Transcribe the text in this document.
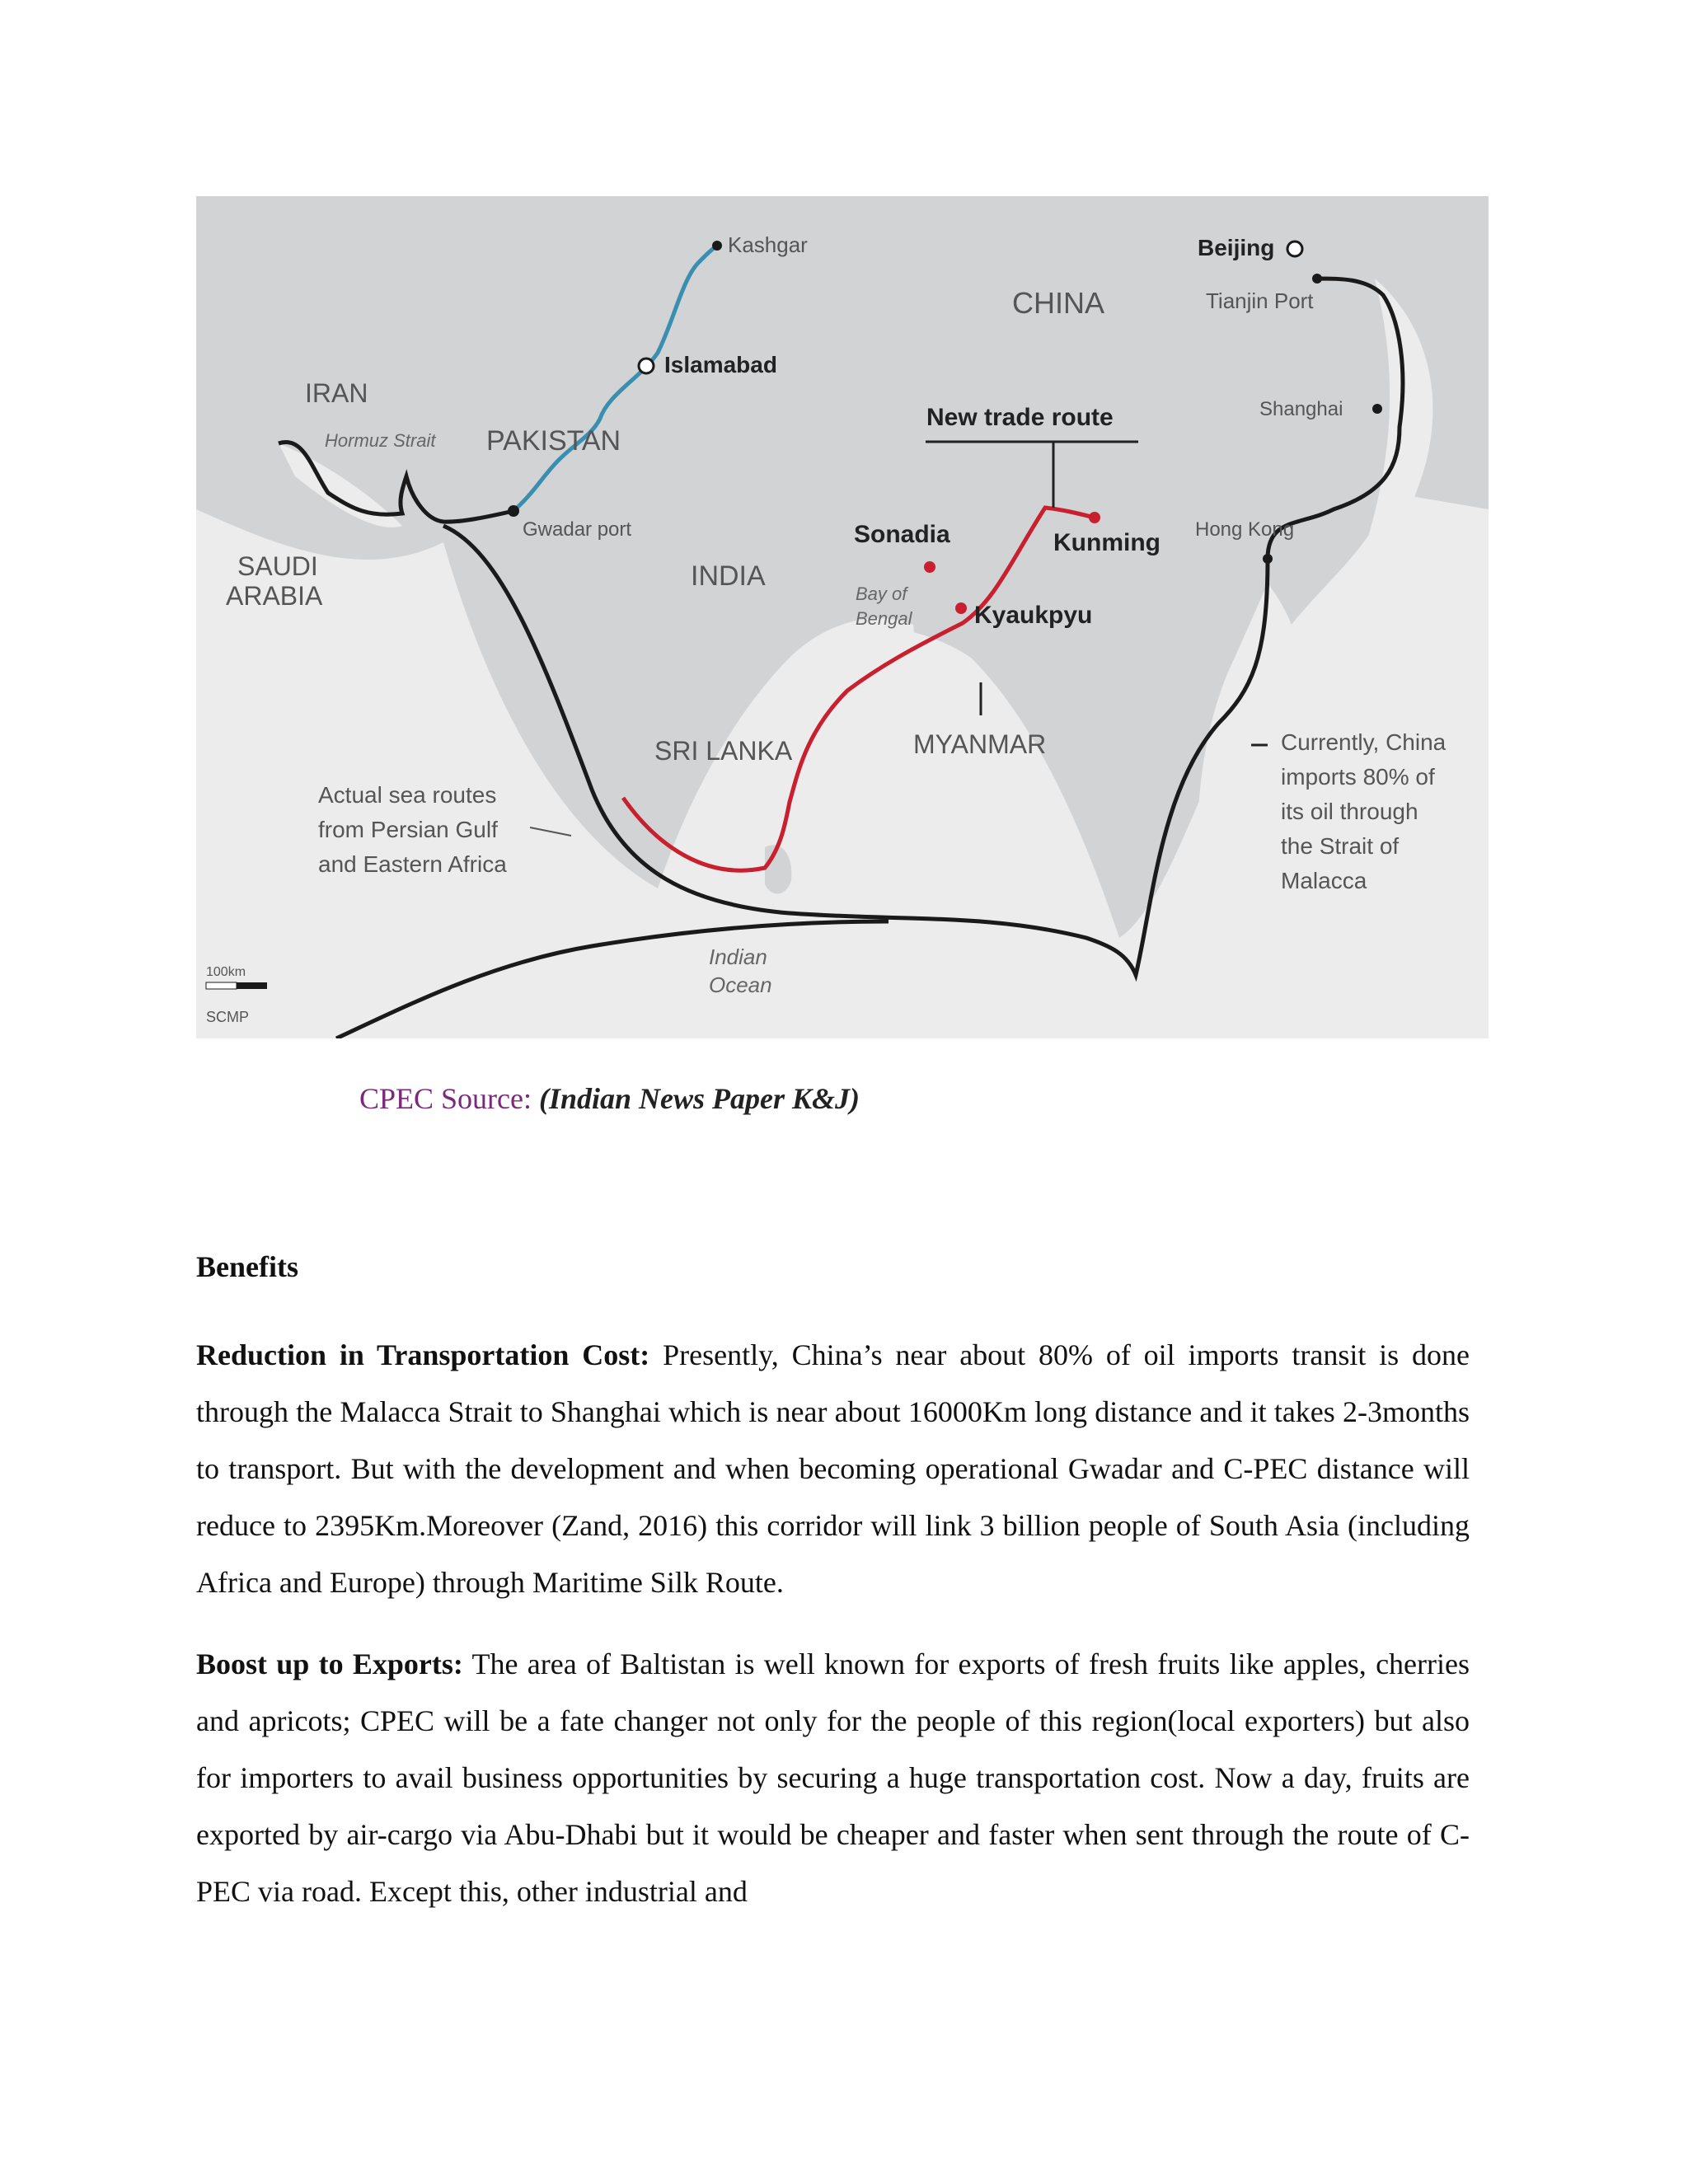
Kashgar
CHINA
Beijing
Tianjin Port
Islamabad
IRAN
Hormuz Strait PAKISTAN
New trade route	Shanghai
Gwadar port	Sonadia	Kunming Hong Kong
SAUDI
ARABIA
INDIA
Bay of
Bengal	Kyaukpyu
SRI LANKA	MYANMAR	Currently, China
imports 80% of
its oil through
the Strait of
Malacca
Actual sea routes
from Persian Gulf
and Eastern Africa
Indian
Ocean
100km
SCMP
CPEC Source: (Indian News Paper K&J)
Benefits

Reduction in Transportation Cost: Presently, China’s near about 80% of oil imports transit is done through the Malacca Strait to Shanghai which is near about 16000Km long distance and it takes 2-3months to transport. But with the development and when becoming operational Gwadar and C-PEC distance will reduce to 2395Km.Moreover (Zand, 2016) this corridor will link 3 billion people of South Asia (including Africa and Europe) through Maritime Silk Route.

Boost up to Exports: The area of Baltistan is well known for exports of fresh fruits like apples, cherries and apricots; CPEC will be a fate changer not only for the people of this region(local exporters) but also for importers to avail business opportunities by securing a huge transportation cost. Now a day, fruits are exported by air-cargo via Abu-Dhabi but it would be cheaper and faster when sent through the route of C-PEC via road. Except this, other industrial and
